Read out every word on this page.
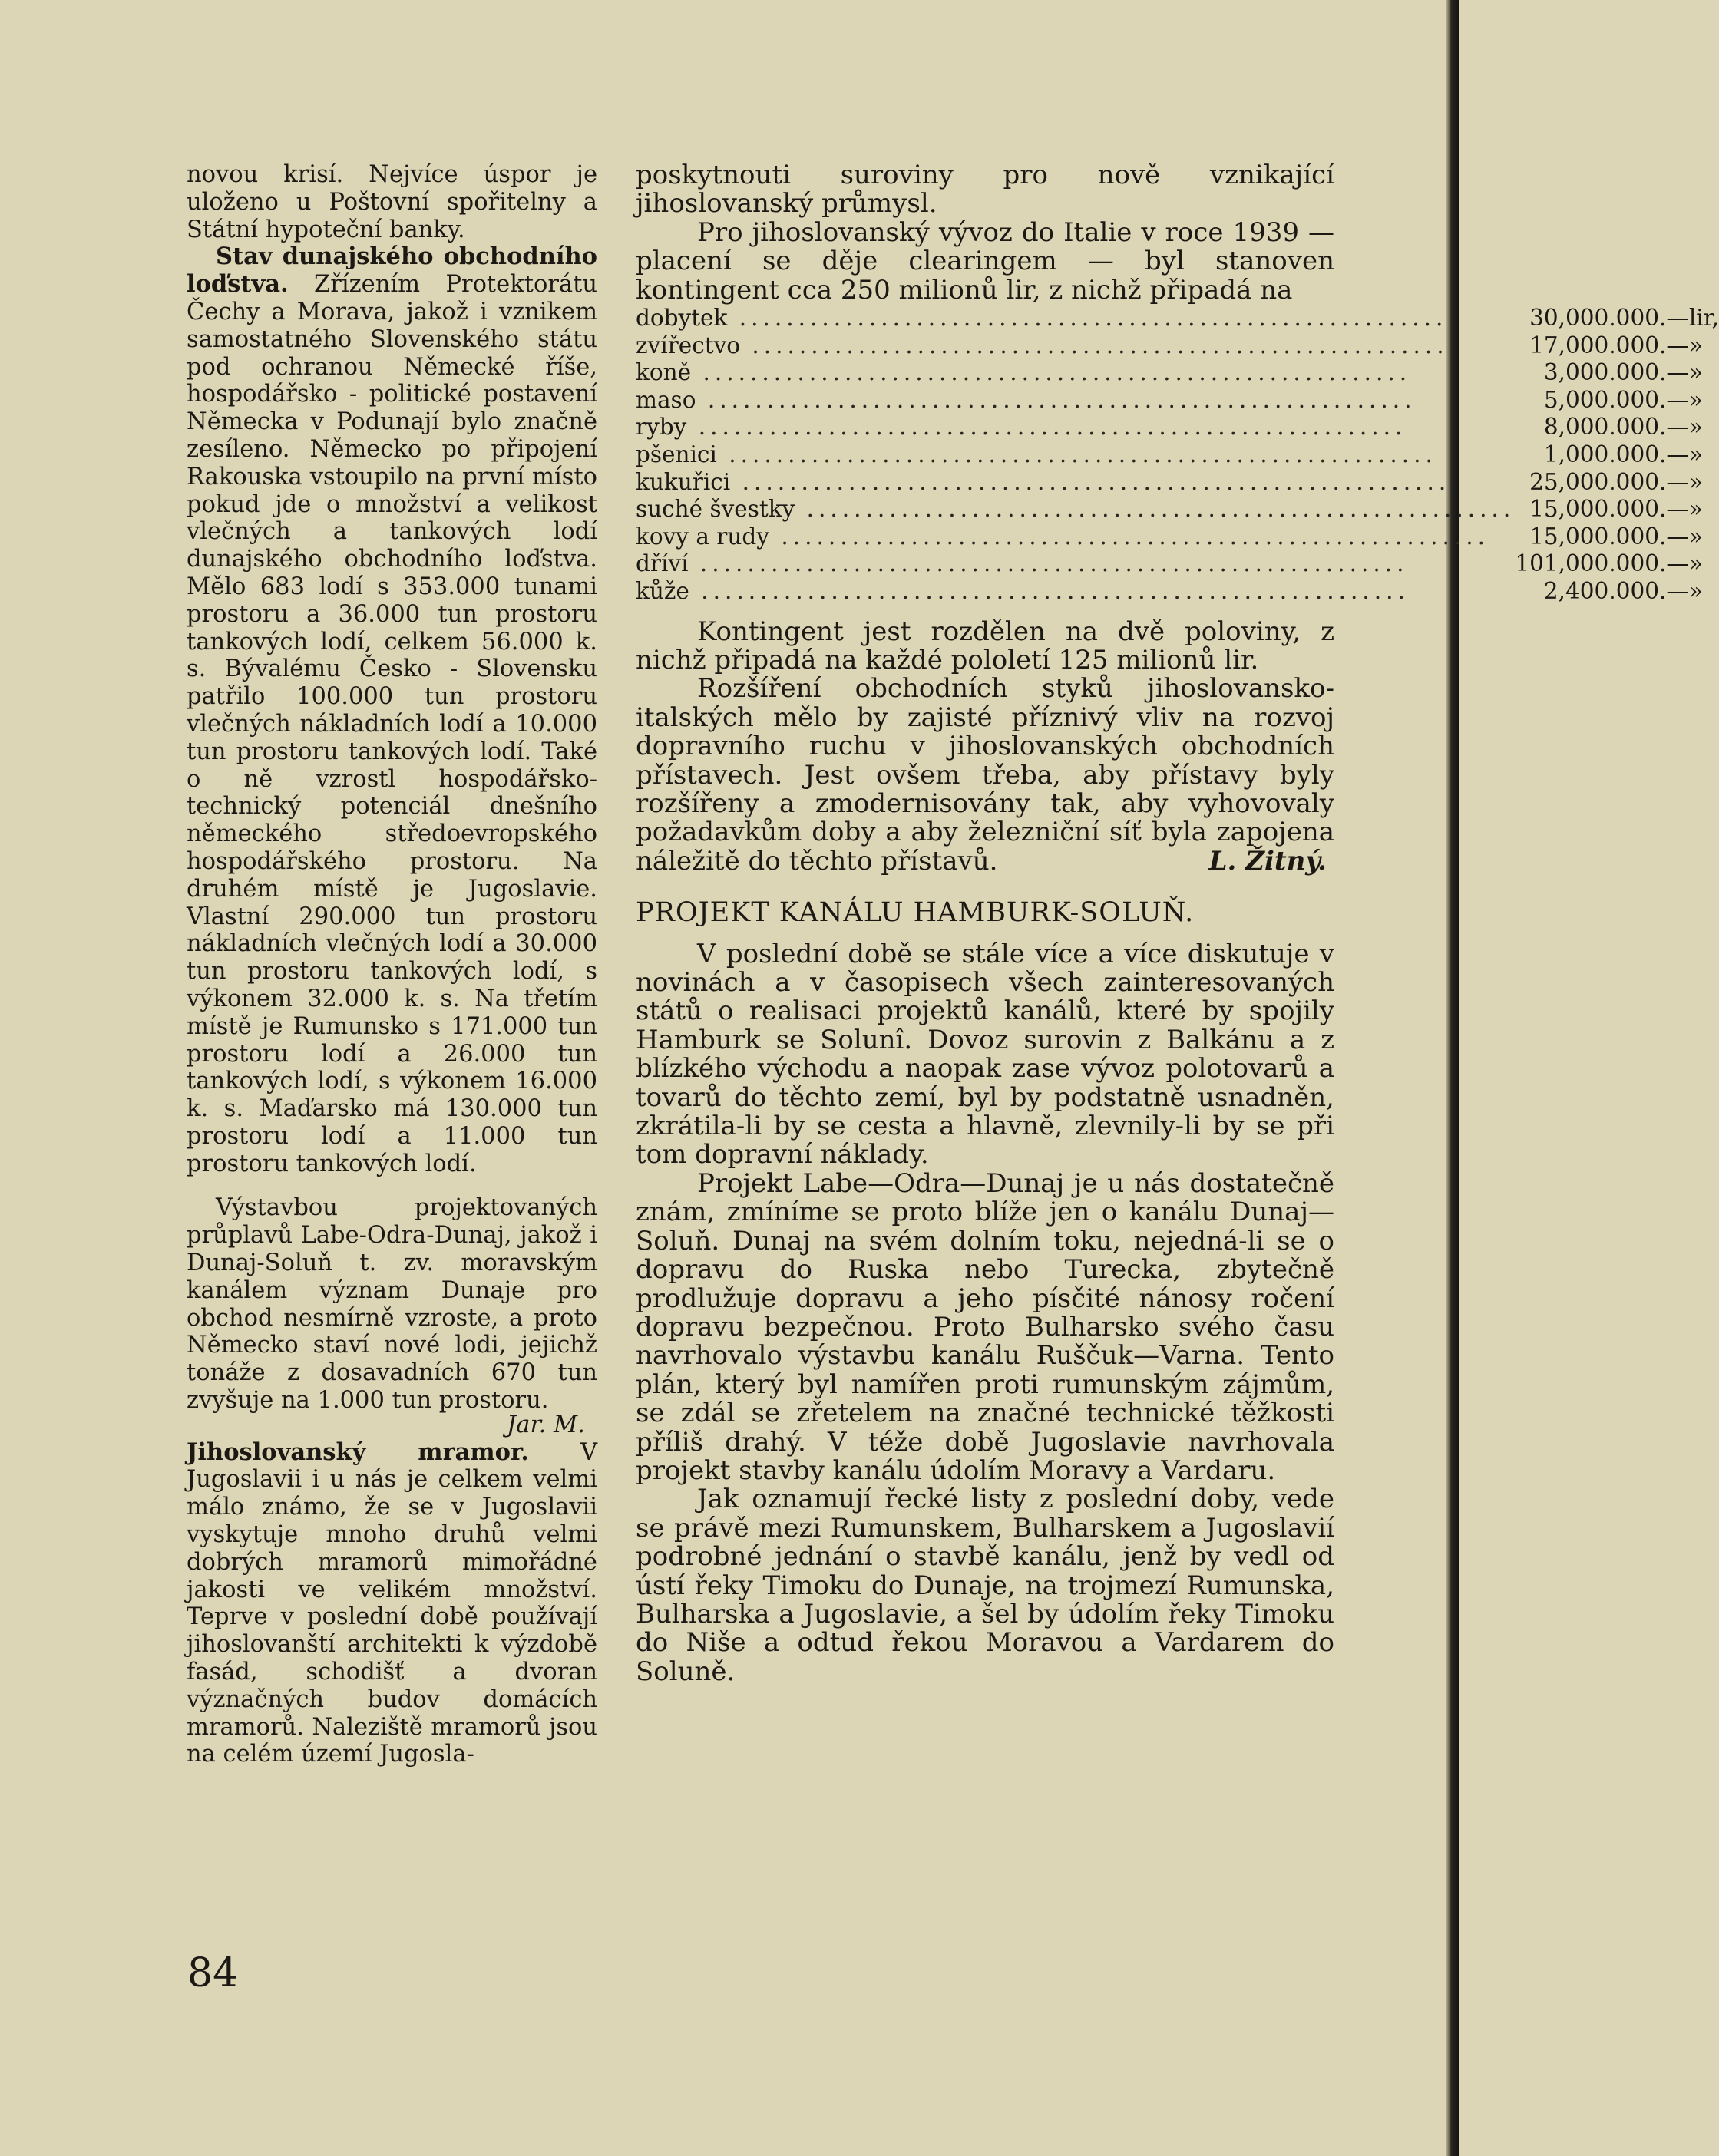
novou krisí. Nejvíce úspor je uloženo u Poštovní spořitelny a Státní hypoteční banky.

Stav dunajského obchodního loďstva. Zřízením Protektorátu Čechy a Morava, jakož i vznikem samostatného Slovenského státu pod ochranou Německé říše, hospodářsko - politické postavení Německa v Podunají bylo značně zesíleno. Německo po připojení Rakouska vstoupilo na první místo pokud jde o množství a velikost vlečných a tankových lodí dunajského obchodního loďstva. Mělo 683 lodí s 353.000 tunami prostoru a 36.000 tun prostoru tankových lodí, celkem 56.000 k. s. Bývalému Česko - Slovensku patřilo 100.000 tun prostoru vlečných nákladních lodí a 10.000 tun prostoru tankových lodí. Také o ně vzrostl hospodářsko-technický potenciál dnešního německého středoevropského hospodářského prostoru. Na druhém místě je Jugoslavie. Vlastní 290.000 tun prostoru nákladních vlečných lodí a 30.000 tun prostoru tankových lodí, s výkonem 32.000 k. s. Na třetím místě je Rumunsko s 171.000 tun prostoru lodí a 26.000 tun tankových lodí, s výkonem 16.000 k. s. Maďarsko má 130.000 tun prostoru lodí a 11.000 tun prostoru tankových lodí.

Výstavbou projektovaných průplavů Labe-Odra-Dunaj, jakož i Dunaj-Soluň t. zv. moravským kanálem význam Dunaje pro obchod nesmírně vzroste, a proto Německo staví nové lodi, jejichž tonáže z dosavadních 670 tun zvyšuje na 1.000 tun prostoru.

Jar. M.

Jihoslovanský mramor. V Jugoslavii i u nás je celkem velmi málo známo, že se v Jugoslavii vyskytuje mnoho druhů velmi dobrých mramorů mimořádné jakosti ve velikém množství. Teprve v poslední době používají jihoslovanští architekti k výzdobě fasád, schodišť a dvoran význačných budov domácích mramorů. Naleziště mramorů jsou na celém území Jugosla-

poskytnouti suroviny pro nově vznikající jihoslovanský průmysl.

Pro jihoslovanský vývoz do Italie v roce 1939 — placení se děje clearingem — byl stanoven kontingent cca 250 milionů lir, z nichž připadá na

dobytek ............................................................	30,000.000.—	lir,
zvířectvo ............................................................	17,000.000.—	»
koně ............................................................	3,000.000.—	»
maso ............................................................	5,000.000.—	»
ryby ............................................................	8,000.000.—	»
pšenici ............................................................	1,000.000.—	»
kukuřici ............................................................	25,000.000.—	»
suché švestky ............................................................	15,000.000.—	»
kovy a rudy ............................................................	15,000.000.—	»
dříví ............................................................	101,000.000.—	»
kůže ............................................................	2,400.000.—	»

Kontingent jest rozdělen na dvě poloviny, z nichž připadá na každé pololetí 125 milionů lir.

Rozšíření obchodních styků jihoslovansko-italských mělo by zajisté příznivý vliv na rozvoj dopravního ruchu v jihoslovanských obchodních přístavech. Jest ovšem třeba, aby přístavy byly rozšířeny a zmodernisovány tak, aby vyhovovaly požadavkům doby a aby železniční síť byla zapojena náležitě do těchto přístavů.	L. Žitný.

PROJEKT KANÁLU HAMBURK-SOLUŇ.

V poslední době se stále více a více diskutuje v novinách a v časopisech všech zainteresovaných států o realisaci projektů kanálů, které by spojily Hamburk se Solunî. Dovoz surovin z Balkánu a z blízkého východu a naopak zase vývoz polotovarů a tovarů do těchto zemí, byl by podstatně usnadněn, zkrátila-li by se cesta a hlavně, zlevnily-li by se při tom dopravní náklady.

Projekt Labe—Odra—Dunaj je u nás dostatečně znám, zmíníme se proto blíže jen o kanálu Dunaj—Soluň. Dunaj na svém dolním toku, nejedná-li se o dopravu do Ruska nebo Turecka, zbytečně prodlužuje dopravu a jeho písčité nánosy ročení dopravu bezpečnou. Proto Bulharsko svého času navrhovalo výstavbu kanálu Ruščuk—Varna. Tento plán, který byl namířen proti rumunským zájmům, se zdál se zřetelem na značné technické těžkosti příliš drahý. V téže době Jugoslavie navrhovala projekt stavby kanálu údolím Moravy a Vardaru.

Jak oznamují řecké listy z poslední doby, vede se právě mezi Rumunskem, Bulharskem a Jugoslavií podrobné jednání o stavbě kanálu, jenž by vedl od ústí řeky Timoku do Dunaje, na trojmezí Rumunska, Bulharska a Jugoslavie, a šel by údolím řeky Timoku do Niše a odtud řekou Moravou a Vardarem do Soluně.

84
